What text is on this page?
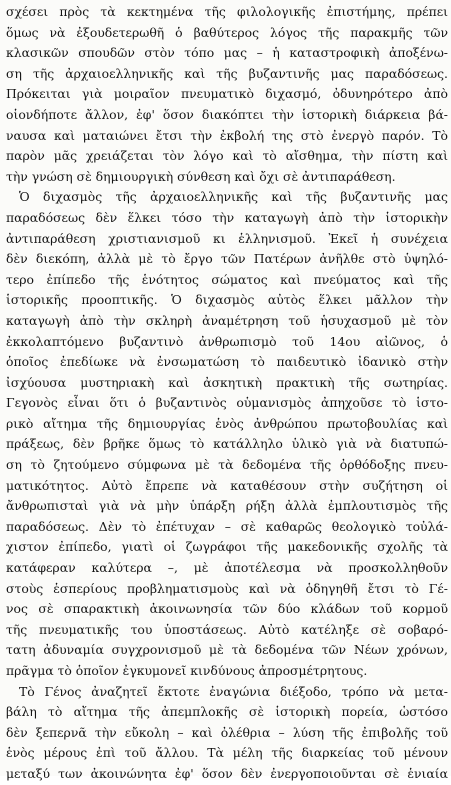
σχέσει πρὸς τὰ κεκτημένα τῆς φιλολογικῆς ἐπιστήμης, πρέπει
ὅμως νὰ ἐξουδετερωθῆ ὁ βαθύτερος λόγος τῆς παρακμῆς τῶν
κλασικῶν σπουδῶν στὸν τόπο μας – ἡ καταστροφικὴ ἀποξένω-
ση τῆς ἀρχαιοελληνικῆς καὶ τῆς βυζαντινῆς μας παραδόσεως.
Πρόκειται γιὰ μοιραῖον πνευματικὸ διχασμό, ὀδυνηρότερο ἀπὸ
οἱονδήποτε ἄλλον, ἐφ' ὅσον διακόπτει τὴν ἱστορικὴ διάρκεια βά-
ναυσα καὶ ματαιώνει ἔτσι τὴν ἐκβολή της στὸ ἐνεργὸ παρόν. Τὸ
παρὸν μᾶς χρειάζεται τὸν λόγο καὶ τὸ αἴσθημα, τὴν πίστη καὶ
τὴν γνώση σὲ δημιουργικὴ σύνθεση καὶ ὄχι σὲ ἀντιπαράθεση.
Ὁ διχασμὸς τῆς ἀρχαιοελληνικῆς καὶ τῆς βυζαντινῆς μας
παραδόσεως δὲν ἕλκει τόσο τὴν καταγωγὴ ἀπὸ τὴν ἱστορικὴν
ἀντιπαράθεση χριστιανισμοῦ κι ἑλληνισμοῦ. Ἐκεῖ ἡ συνέχεια
δὲν διεκόπη, ἀλλὰ μὲ τὸ ἔργο τῶν Πατέρων ἀνῆλθε στὸ ὑψηλό-
τερο ἐπίπεδο τῆς ἑνότητος σώματος καὶ πνεύματος καὶ τῆς
ἱστορικῆς προοπτικῆς. Ὁ διχασμὸς αὐτὸς ἕλκει μᾶλλον τὴν
καταγωγὴ ἀπὸ τὴν σκληρὴ ἀναμέτρηση τοῦ ἡσυχασμοῦ μὲ τὸν
ἐκκολαπτόμενο βυζαντινὸ ἀνθρωπισμὸ τοῦ 14ου αἰῶνος, ὁ
ὁποῖος ἐπεδίωκε νὰ ἐνσωματώση τὸ παιδευτικὸ ἰδανικὸ στὴν
ἰσχύουσα μυστηριακὴ καὶ ἀσκητικὴ πρακτικὴ τῆς σωτηρίας.
Γεγονὸς εἶναι ὅτι ὁ βυζαντινὸς οὑμανισμὸς ἀπηχοῦσε τὸ ἱστο-
ρικὸ αἴτημα τῆς δημιουργίας ἑνὸς ἀνθρώπου πρωτοβουλίας καὶ
πράξεως, δὲν βρῆκε ὅμως τὸ κατάλληλο ὑλικὸ γιὰ νὰ διατυπώ-
ση τὸ ζητούμενο σύμφωνα μὲ τὰ δεδομένα τῆς ὀρθόδοξης πνευ-
ματικότητος. Αὐτὸ ἔπρεπε νὰ καταθέσουν στὴν συζήτηση οἱ
ἄνθρωπισταὶ γιὰ νὰ μὴν ὑπάρξη ρήξη ἀλλὰ ἐμπλουτισμὸς τῆς
παραδόσεως. Δὲν τὸ ἐπέτυχαν – σὲ καθαρῶς θεολογικὸ τοὐλά-
χιστον ἐπίπεδο, γιατὶ οἱ ζωγράφοι τῆς μακεδονικῆς σχολῆς τὰ
κατάφεραν καλύτερα –, μὲ ἀποτέλεσμα νὰ προσκολληθοῦν
στοὺς ἑσπερίους προβληματισμοὺς καὶ νὰ ὁδηγηθῆ ἔτσι τὸ Γέ-
νος σὲ σπαρακτικὴ ἀκοινωνησία τῶν δύο κλάδων τοῦ κορμοῦ
τῆς πνευματικῆς του ὑποστάσεως. Αὐτὸ κατέληξε σὲ σοβαρό-
τατη ἀδυναμία συγχρονισμοῦ μὲ τὰ δεδομένα τῶν Νέων χρόνων,
πρᾶγμα τὸ ὁποῖον ἐγκυμονεῖ κινδύνους ἀπροσμέτρητους.
Τὸ Γένος ἀναζητεῖ ἔκτοτε ἐναγώνια διέξοδο, τρόπο νὰ μετα-
βάλη τὸ αἴτημα τῆς ἀπεμπλοκῆς σὲ ἱστορικὴ πορεία, ὡστόσο
δὲν ξεπερνᾶ τὴν εὔκολη – καὶ ὀλέθρια – λύση τῆς ἐπιβολῆς τοῦ
ἑνὸς μέρους ἐπὶ τοῦ ἄλλου. Τὰ μέλη τῆς διαρκείας τοῦ μένουν
μεταξύ των ἀκοινώνητα ἐφ' ὅσον δὲν ἐνεργοποιοῦνται σὲ ἑνιαία
